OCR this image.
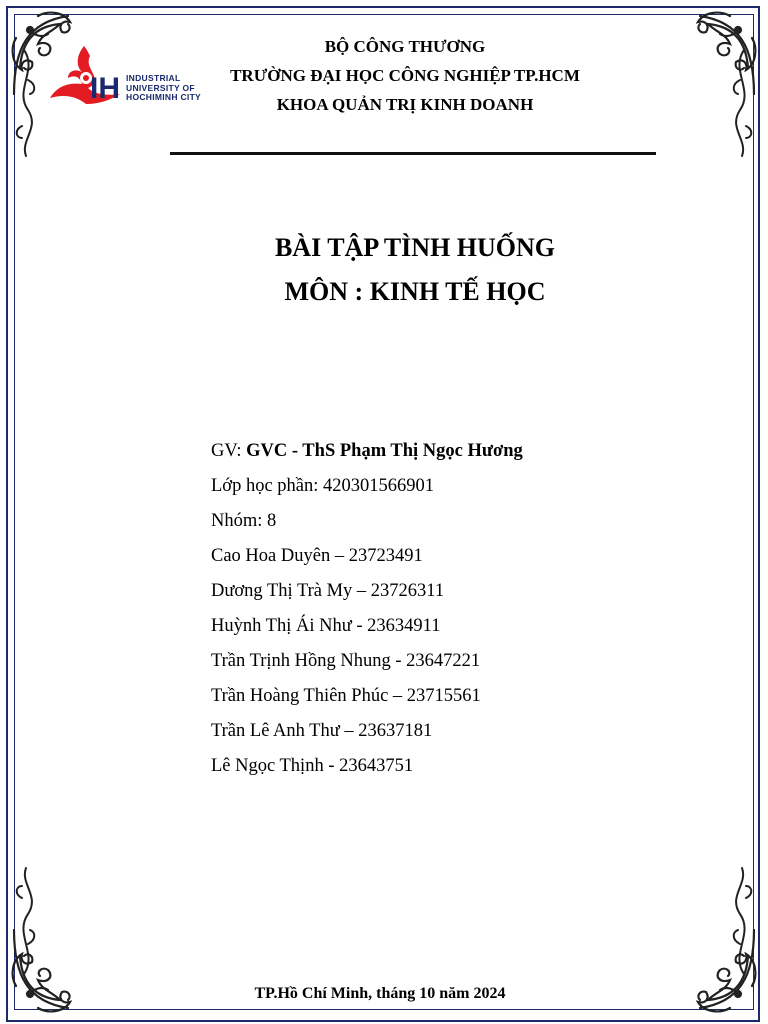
IH INDUSTRIAL
UNIVERSITY OF
HOCHIMINH CITY
BỘ CÔNG THƯƠNG
TRƯỜNG ĐẠI HỌC CÔNG NGHIỆP TP.HCM
KHOA QUẢN TRỊ KINH DOANH
BÀI TẬP TÌNH HUỐNG
MÔN : KINH TẾ HỌC
GV: GVC - ThS Phạm Thị Ngọc Hương
Lớp học phần: 420301566901
Nhóm: 8
Cao Hoa Duyên – 23723491
Dương Thị Trà My – 23726311
Huỳnh Thị Ái Như - 23634911
Trần Trịnh Hồng Nhung - 23647221
Trần Hoàng Thiên Phúc – 23715561
Trần Lê Anh Thư – 23637181
Lê Ngọc Thịnh - 23643751
TP.Hồ Chí Minh, tháng 10 năm 2024
